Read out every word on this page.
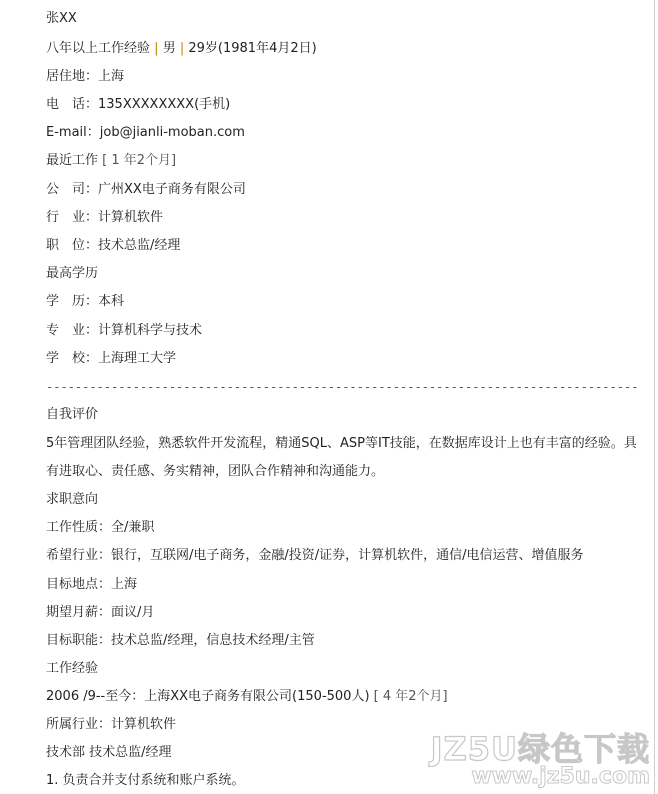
张XX
八年以上工作经验 | 男 | 29岁(1981年4月2日)
居住地：上海
电　话：135XXXXXXXX(手机)
E-mail：job@jianli-moban.com
最近工作 [ 1 年2个月]
公　司：广州XX电子商务有限公司
行　业：计算机软件
职　位：技术总监/经理
最高学历
学　历：本科
专　业：计算机科学与技术
学　校：上海理工大学
----------------------------------------------------------------------------------
自我评价
5年管理团队经验，熟悉软件开发流程，精通SQL、ASP等IT技能，在数据库设计上也有丰富的经验。具有进取心、责任感、务实精神，团队合作精神和沟通能力。
求职意向
工作性质：全/兼职
希望行业：银行，互联网/电子商务，金融/投资/证券，计算机软件，通信/电信运营、增值服务
目标地点：上海
期望月薪：面议/月
目标职能：技术总监/经理，信息技术经理/主管
工作经验
2006 /9--至今：上海XX电子商务有限公司(150-500人) [ 4 年2个月]
所属行业：计算机软件
技术部 技术总监/经理
1. 负责合并支付系统和账户系统。
JZ5U绿色下载
www.jz5u.com
